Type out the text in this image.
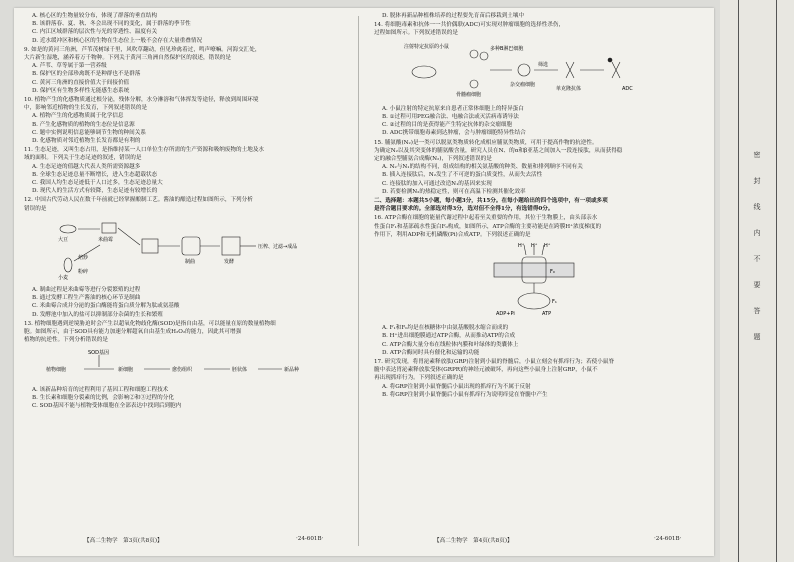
A. 核心区的生物量较分布，体现了群落的垂直结构
B. 该群落春、夏、秋、冬会出现不同的变化，属于群落的季节性
C. 内江区域群落的层次性与光的穿透性、温度有关
D. 近水缓冲区和核心区的生物在生态位上一般不会存在大量重叠情况
9. 如是的黄河三角洲，芦苇茂树绿千里，风吹草翻动，但见珍禽着过，鸣声嘹嘛。河海交汇处，
大片新生湿地，涵养着万千物种。下列关于黄河三角洲自然保护区的叙述，错误的是
A. 芦苇、草等属于第一营养级
B. 保护区的全部珍禽既不是种群也不是群落
C. 黄河三角洲的直接价值大于间接价值
D. 保护区有生物多样性无能感生态系统
10. 植物产生的化感物质通过根分泌，残体分解，水分淋溶和气体挥发等途径，释放到周围环境
中，影响邻近植物的生长发育，下列叙述错误的是
A. 植物产生的化感物质属于化学信息
B. 产生化感物质的植物的生态位是信息源
C. 题中实例说明信息能够调节生物的种间关系
D. 化感物质对邻近植物生长发育都是有利的
11. 生态足迹，又叫生态占用，是指维持某一人口单位生存所需的生产资源和吸纳废物的土地及水
域的面积。下列关于生态足迹的叙述，错误的是
A. 生态足迹的值越大代表人类所需资源越多
B. 全球生态足迹总量不断增长，进入生态超载状态
C. 我国人均生态足迹低于人口过多，生态足迹总量大
D. 现代人的生活方式有较降，生态足迹有较增长的
12. 中国古代劳动人民在数千年前就已经掌握酿制工艺。酱油的酿造过程如图所示，下列分析
错误的是
大豆	米曲霉
小麦
焙炒
粉碎
制曲	发酵
压榨、过滤→成品
A. 制曲过程是米曲霉等进行分裂繁殖的过程
B. 通过发酵工程生产酱油的核心环节是制曲
C. 米曲霉合成并分泌的蛋白酶能将蛋白质分解为肽或氨基酸
D. 发酵池中加入的盐可以抑制部分杂菌的生长和繁殖
13. 植物细胞遇到逆境胁迫时会产生以超氧化物歧化酶(SOD)是指自由基，可以能量在原的数量植物细
胞。如图所示，由于SOD具有能力加速分解超氧自由基生成H₂O₂的能力，因此其可增强
植物的抗逆性。下列分析错误的是
SOD基因
植物细胞	新细胞	愈伤组织	胚状体	新品种
A. 该新品种培育的过程利用了基因工程和细胞工程技术
B. 生长素和细胞分裂素的比例，会影响②和③过程的分化
C. SOD基因不能与植物受体细胞在全部表达中找到后到胞内
D. 脱体再新品种植株培养的过程要先育苗后移栽到土壤中
14. 将细胞毒素和抗体一一共价偶联(ADC)可实现对肿瘤细胞的选择性杀伤，
过程如图所示。下列叙述错误的是
注射特定抗原的小鼠
骨髓瘤细胞
多种B淋巴细胞
杂交瘤细胞
筛选
单克隆抗体	ADC
A. 小鼠注射的特定抗原来自患者正常体细胞上的特异蛋白
B. ①过程可用PEG融合法、电融合法或灭活病毒诱导法
C. ②过程的目的是获得能产生特定抗体的杂交瘤细胞
D. ADC携带细胞毒素到达肿瘤，会与肿瘤细胞特异性结合
15. 脯氨酸(N₂)是一类可以脱氨类物质转化成相应脯氨类物质，可用于提高作物的抗逆性。
为确定N₂以及其突变体的脯氨酸含量，研究人员在N、的α和β亚基之间加入一段连接肽，从而获得稳
定的融合型脯氨合成酶(N₂)，下列叙述错误的是
A. N₂与N₁的结构不同，组成结构的相关氨基酸的种类、数量和排列顺序不同有关
B. 插入连接肽后，N₂发生了不可逆的蛋白质变性，从而失去活性
C. 连接肽的加入可通过改造N₁的基因来实现
D. 若要检测N₂的热稳定性，则可在高温下检测其催化效率
二、选择题：本题共5小题，每小题3分，共15分。在每小题给出的四个选项中，有一项或多项
是符合题目要求的。全部选对得3分，选对但不全得1分，有选错得0分。
16. ATP合酶在细胞的能量代谢过程中起着至关重要的作用，其位于生物膜上，由头部亲水
性蛋白F₁和基部疏水性蛋白F₀构成，如图所示，ATP合酶的主要功能是在跨膜H⁺浓度梯度的
作用下，利用ADP和无机磷酸(Pi)合成ATP。下列叙述正确的是
H⁺ H⁺ H⁺
F₀
F₁
ADP+Pi	ATP
A. F₁和F₀均是在核糖体中由氨基酸脱水缩合而成的
B. H⁺进出细胞膜通过ATP合酶，从而推动ATP的合成
C. ATP合酶大量分布在线粒体内膜和叶绿体的类囊体上
D. ATP合酶同时具有催化和运输的功能
17. 研究发现，将胃泌素释放肽(GRP)注射到小鼠的脊髓后，小鼠立刻会有抓痒行为；若使小鼠脊
髓中表达胃泌素释放肽受体(GRPR)的神经元被破坏，再向这些小鼠身上注射GRP，小鼠不
再出现抓痒行为。下列叙述正确的是
A. 将GRP注射到小鼠脊髓后小鼠出现的抓痒行为不属于反射
B. 将GRP注射到小鼠脊髓后小鼠有抓痒行为说明痒觉在脊髓中产生
【高二生物学　第3页(共8页)】	·24-601B·	【高二生物学　第4页(共8页)】	·24-601B·
密
封
线
内
不
要
答
题
